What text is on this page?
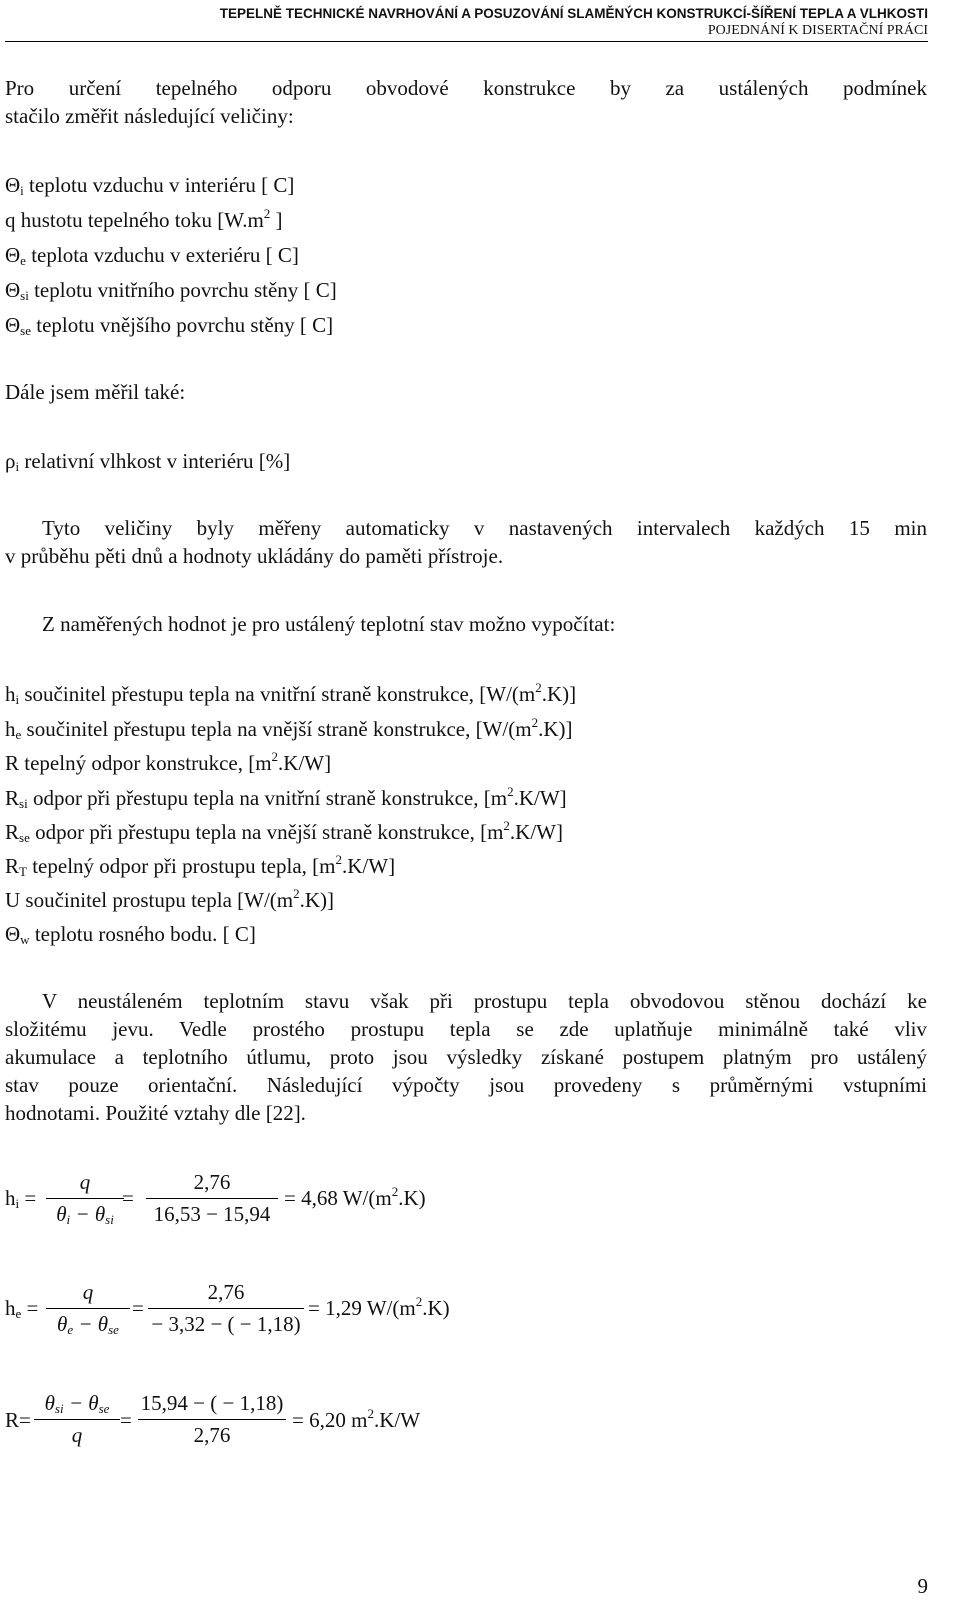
TEPELNĚ TECHNICKÉ NAVRHOVÁNÍ A POSUZOVÁNÍ SLAMĚNÝCH KONSTRUKCÍ-ŠÍŘENÍ TEPLA A VLHKOSTI
POJEDNÁNÍ K DISERTAČNÍ PRÁCI
Pro určení tepelného odporu obvodové konstrukce by za ustálených podmínek
stačilo změřit následující veličiny:
$\Theta_i$ teplotu vzduchu v interiéru [ C]
q hustotu tepelného toku [$W.m^2$ ]
$\Theta_e$ teplota vzduchu v exteriéru [ C]
$\Theta_{si}$ teplotu vnitřního povrchu stěny [ C]
$\Theta_{se}$ teplotu vnějšího povrchu stěny [ C]
Dále jsem měřil také:
$\rho_i$ relativní vlhkost v interiéru [%]
Tyto veličiny byly měřeny automaticky v nastavených intervalech každých 15 min
v průběhu pěti dnů a hodnoty ukládány do paměti přístroje.
Z naměřených hodnot je pro ustálený teplotní stav možno vypočítat:
$h_i$ součinitel přestupu tepla na vnitřní straně konstrukce, $[W/(m^2.K)]$
$h_e$ součinitel přestupu tepla na vnější straně konstrukce, $[W/(m^2.K)]$
R tepelný odpor konstrukce, $[m^2.K/W]$
$R_{si}$ odpor při přestupu tepla na vnitřní straně konstrukce, $[m^2.K/W]$
$R_{se}$ odpor při přestupu tepla na vnější straně konstrukce, $[m^2.K/W]$
$R_T$ tepelný odpor při prostupu tepla, $[m^2.K/W]$
U součinitel prostupu tepla $[W/(m^2.K)]$
$\Theta_w$ teplotu rosného bodu. [ C]
V neustáleném teplotním stavu však při prostupu tepla obvodovou stěnou dochází ke
složitému jevu. Vedle prostého prostupu tepla se zde uplatňuje minimálně také vliv
akumulace a teplotního útlumu, proto jsou výsledky získané postupem platným pro ustálený
stav pouze orientační. Následující výpočty jsou provedeny s průměrnými vstupními
hodnotami. Použité vztahy dle [22].
$h_i$ =
q
$\theta_i - \theta_{si}$
=
2,76
16,53 − 15,94
= 4,68 $W/(m^2.K)$
$h_e$ =
q
$\theta_e - \theta_{se}$
=
2,76
− 3,32 − ( − 1,18)
= 1,29 $W/(m^2.K)$
R=
$\theta_{si} - \theta_{se}$
q
=
15,94 − ( − 1,18)
2,76
= 6,20 $m^2.K/W$
9
